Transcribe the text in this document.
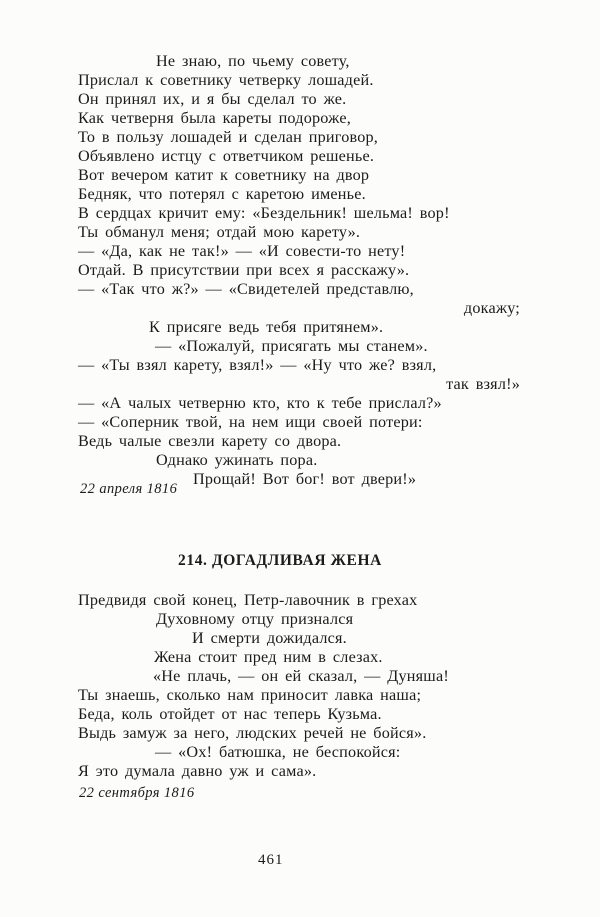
Не знаю, по чьему совету,
Прислал к советнику четверку лошадей.
Он принял их, и я бы сделал то же.
Как четверня была кареты подороже,
То в пользу лошадей и сделан приговор,
Объявлено истцу с ответчиком решенье.
Вот вечером катит к советнику на двор
Бедняк, что потерял с каретою именье.
В сердцах кричит ему: «Бездельник! шельма! вор!
Ты обманул меня; отдай мою карету».
— «Да, как не так!» — «И совести-то нету!
Отдай. В присутствии при всех я расскажу».
— «Так что ж?» — «Свидетелей представлю,
докажу;
К присяге ведь тебя притянем».
— «Пожалуй, присягать мы станем».
— «Ты взял карету, взял!» — «Ну что же? взял,
так взял!»
— «А чалых четверню кто, кто к тебе прислал?»
— «Соперник твой, на нем ищи своей потери:
Ведь чалые свезли карету со двора.
Однако ужинать пора.
Прощай! Вот бог! вот двери!»
22 апреля 1816
214. ДОГАДЛИВАЯ ЖЕНА
Предвидя свой конец, Петр-лавочник в грехах
Духовному отцу признался
И смерти дожидался.
Жена стоит пред ним в слезах.
«Не плачь, — он ей сказал, — Дуняша!
Ты знаешь, сколько нам приносит лавка наша;
Беда, коль отойдет от нас теперь Кузьма.
Выдь замуж за него, людских речей не бойся».
— «Ох! батюшка, не беспокойся:
Я это думала давно уж и сама».
22 сентября 1816
461
